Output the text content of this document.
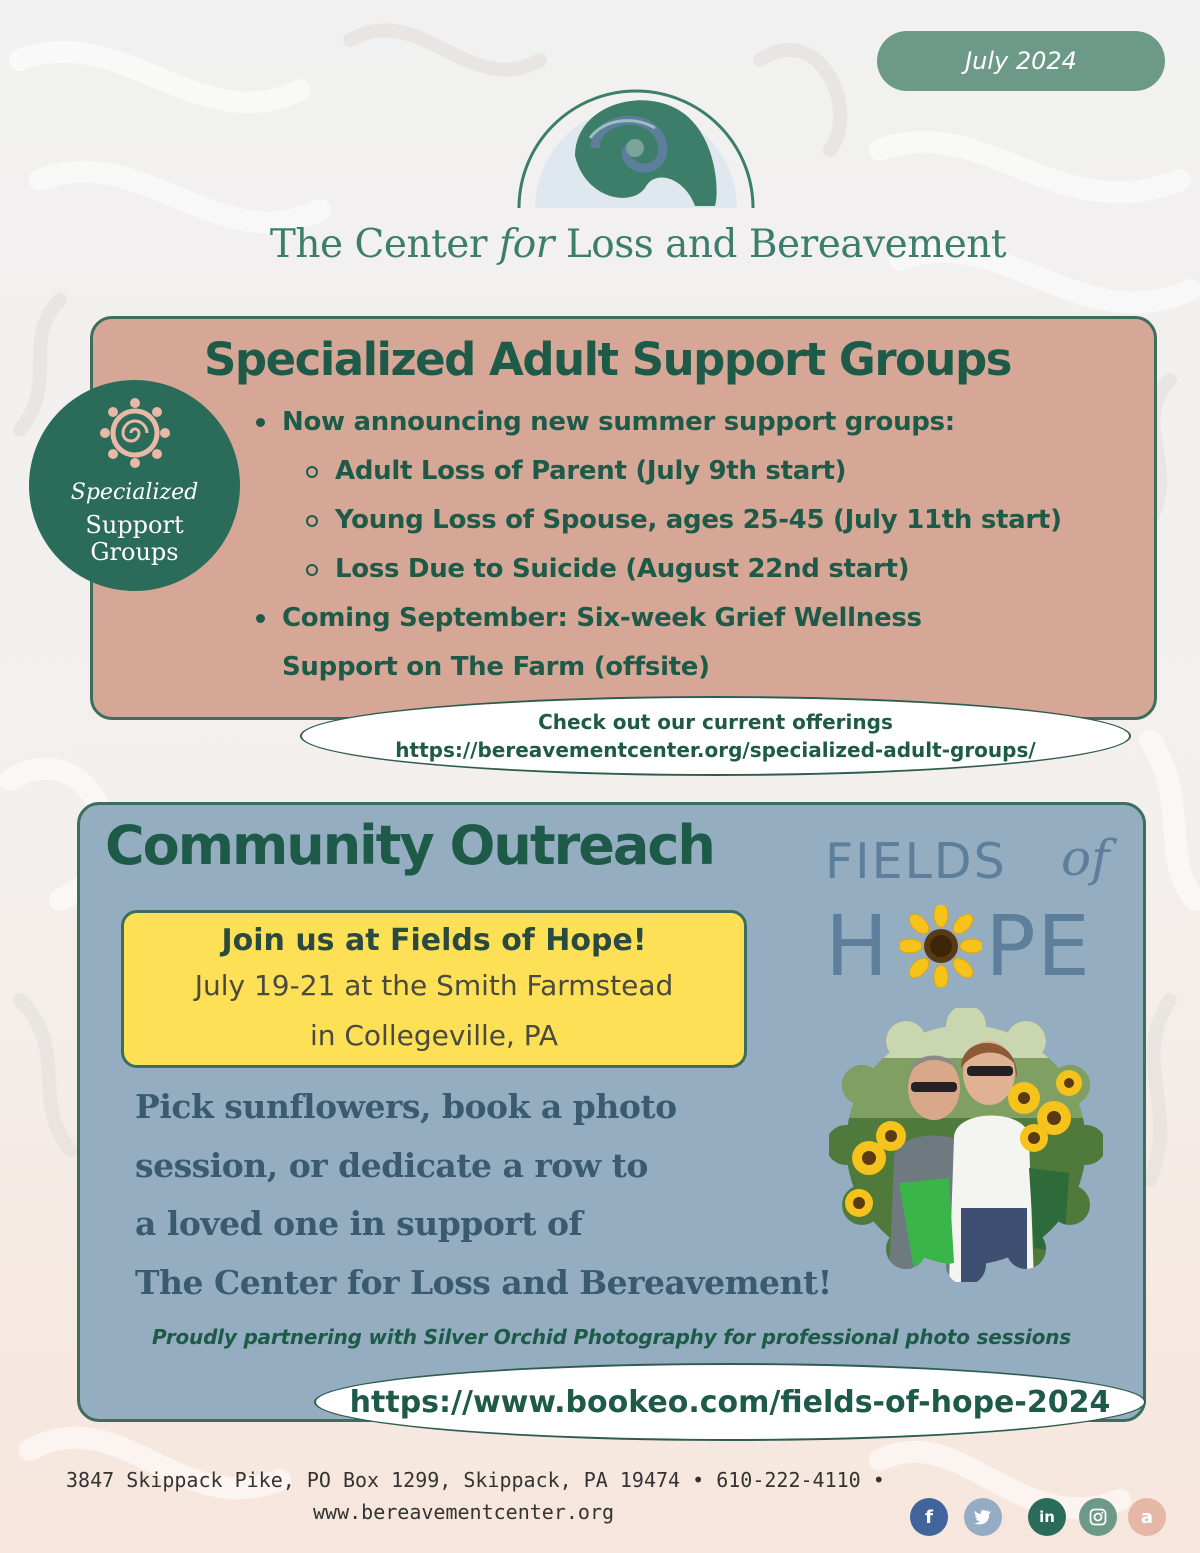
July 2024
The Center for Loss and Bereavement
Specialized Adult Support Groups
Now announcing new summer support groups:
Adult Loss of Parent (July 9th start)
Young Loss of Spouse, ages 25-45 (July 11th start)
Loss Due to Suicide (August 22nd start)
Coming September: Six-week Grief Wellness
Support on The Farm (offsite)
Specialized
Support
Groups
Check out our current offerings
https://bereavementcenter.org/specialized-adult-groups/
Community Outreach FIELDS of
H PE
Join us at Fields of Hope!
July 19-21 at the Smith Farmstead
in Collegeville, PA
Pick sunflowers, book a photo
session, or dedicate a row to
a loved one in support of
The Center for Loss and Bereavement!
Proudly partnering with Silver Orchid Photography for professional photo sessions
https://www.bookeo.com/fields-of-hope-2024
3847 Skippack Pike, PO Box 1299, Skippack, PA 19474 • 610-222-4110 •
www.bereavementcenter.org	f	in	a
